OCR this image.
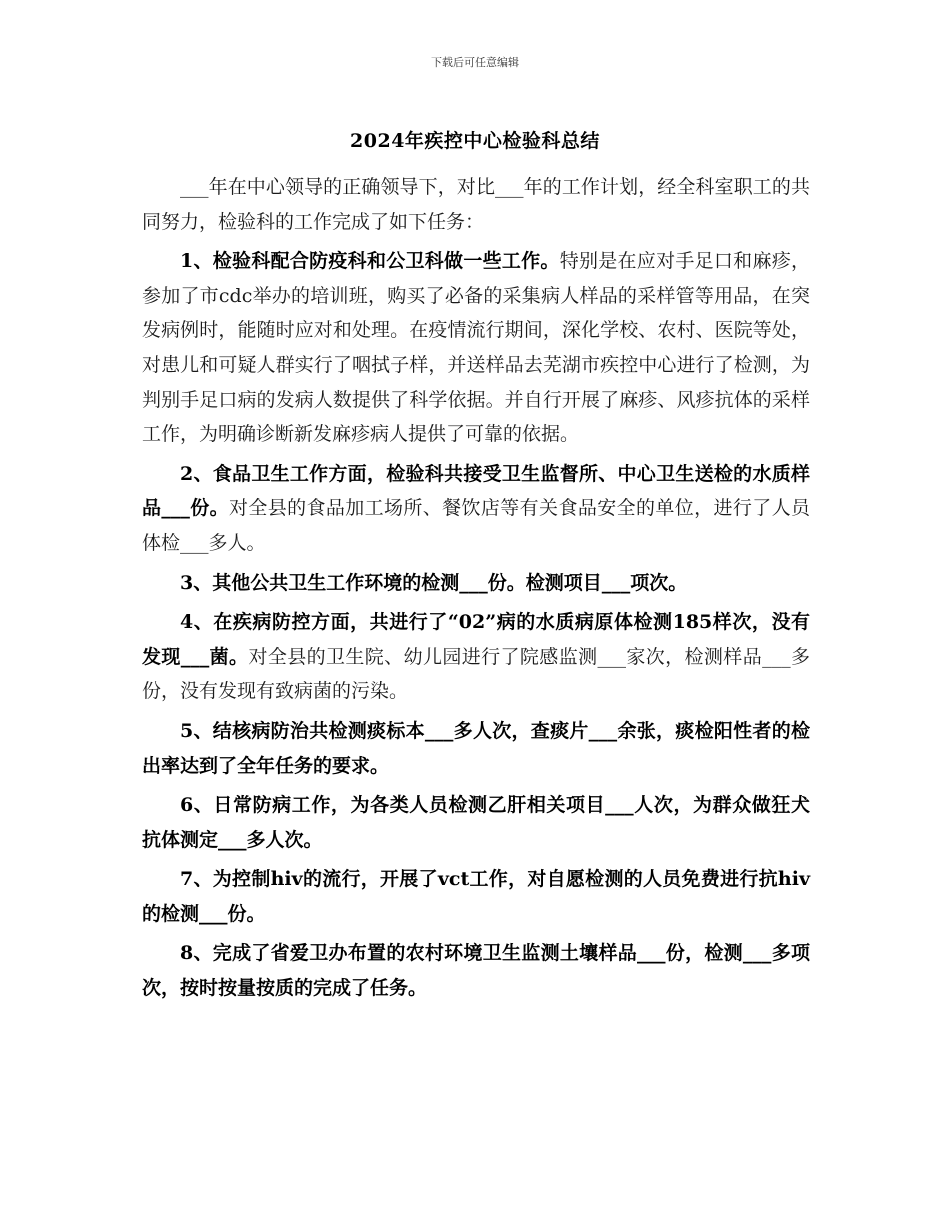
下载后可任意编辑
2024年疾控中心检验科总结

___年在中心领导的正确领导下，对比___年的工作计划，经全科室职工的共同努力，检验科的工作完成了如下任务：

1、检验科配合防疫科和公卫科做一些工作。特别是在应对手足口和麻疹，参加了市cdc举办的培训班，购买了必备的采集病人样品的采样管等用品，在突发病例时，能随时应对和处理。在疫情流行期间，深化学校、农村、医院等处，对患儿和可疑人群实行了咽拭子样，并送样品去芜湖市疾控中心进行了检测，为判别手足口病的发病人数提供了科学依据。并自行开展了麻疹、风疹抗体的采样工作，为明确诊断新发麻疹病人提供了可靠的依据。

2、食品卫生工作方面，检验科共接受卫生监督所、中心卫生送检的水质样品___份。对全县的食品加工场所、餐饮店等有关食品安全的单位，进行了人员体检___多人。

3、其他公共卫生工作环境的检测___份。检测项目___项次。

4、在疾病防控方面，共进行了“02”病的水质病原体检测185样次，没有发现___菌。对全县的卫生院、幼儿园进行了院感监测___家次，检测样品___多份，没有发现有致病菌的污染。

5、结核病防治共检测痰标本___多人次，查痰片___余张，痰检阳性者的检出率达到了全年任务的要求。

6、日常防病工作，为各类人员检测乙肝相关项目___人次，为群众做狂犬抗体测定___多人次。

7、为控制hiv的流行，开展了vct工作，对自愿检测的人员免费进行抗hiv的检测___份。

8、完成了省爱卫办布置的农村环境卫生监测土壤样品___份，检测___多项次，按时按量按质的完成了任务。
